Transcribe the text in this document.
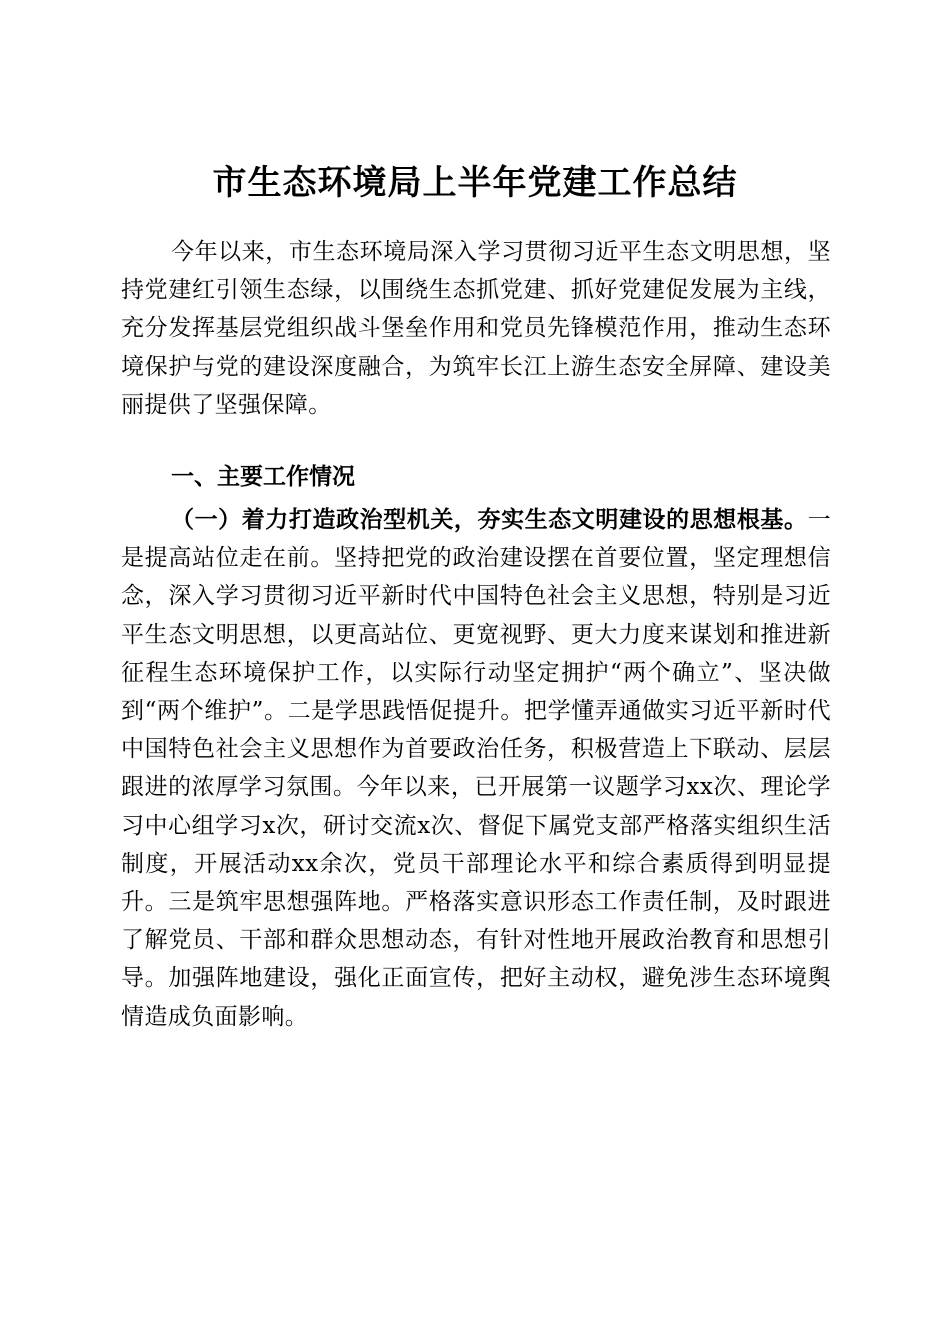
市生态环境局上半年党建工作总结

今年以来，市生态环境局深入学习贯彻习近平生态文明思想，坚持党建红引领生态绿，以围绕生态抓党建、抓好党建促发展为主线，充分发挥基层党组织战斗堡垒作用和党员先锋模范作用，推动生态环境保护与党的建设深度融合，为筑牢长江上游生态安全屏障、建设美丽提供了坚强保障。

一、主要工作情况

（一）着力打造政治型机关，夯实生态文明建设的思想根基。一是提高站位走在前。坚持把党的政治建设摆在首要位置，坚定理想信念，深入学习贯彻习近平新时代中国特色社会主义思想，特别是习近平生态文明思想，以更高站位、更宽视野、更大力度来谋划和推进新征程生态环境保护工作，以实际行动坚定拥护“两个确立”、坚决做到“两个维护”。二是学思践悟促提升。把学懂弄通做实习近平新时代中国特色社会主义思想作为首要政治任务，积极营造上下联动、层层跟进的浓厚学习氛围。今年以来，已开展第一议题学习xx次、理论学习中心组学习x次，研讨交流x次、督促下属党支部严格落实组织生活制度，开展活动xx余次，党员干部理论水平和综合素质得到明显提升。三是筑牢思想强阵地。严格落实意识形态工作责任制，及时跟进了解党员、干部和群众思想动态，有针对性地开展政治教育和思想引导。加强阵地建设，强化正面宣传，把好主动权，避免涉生态环境舆情造成负面影响。
